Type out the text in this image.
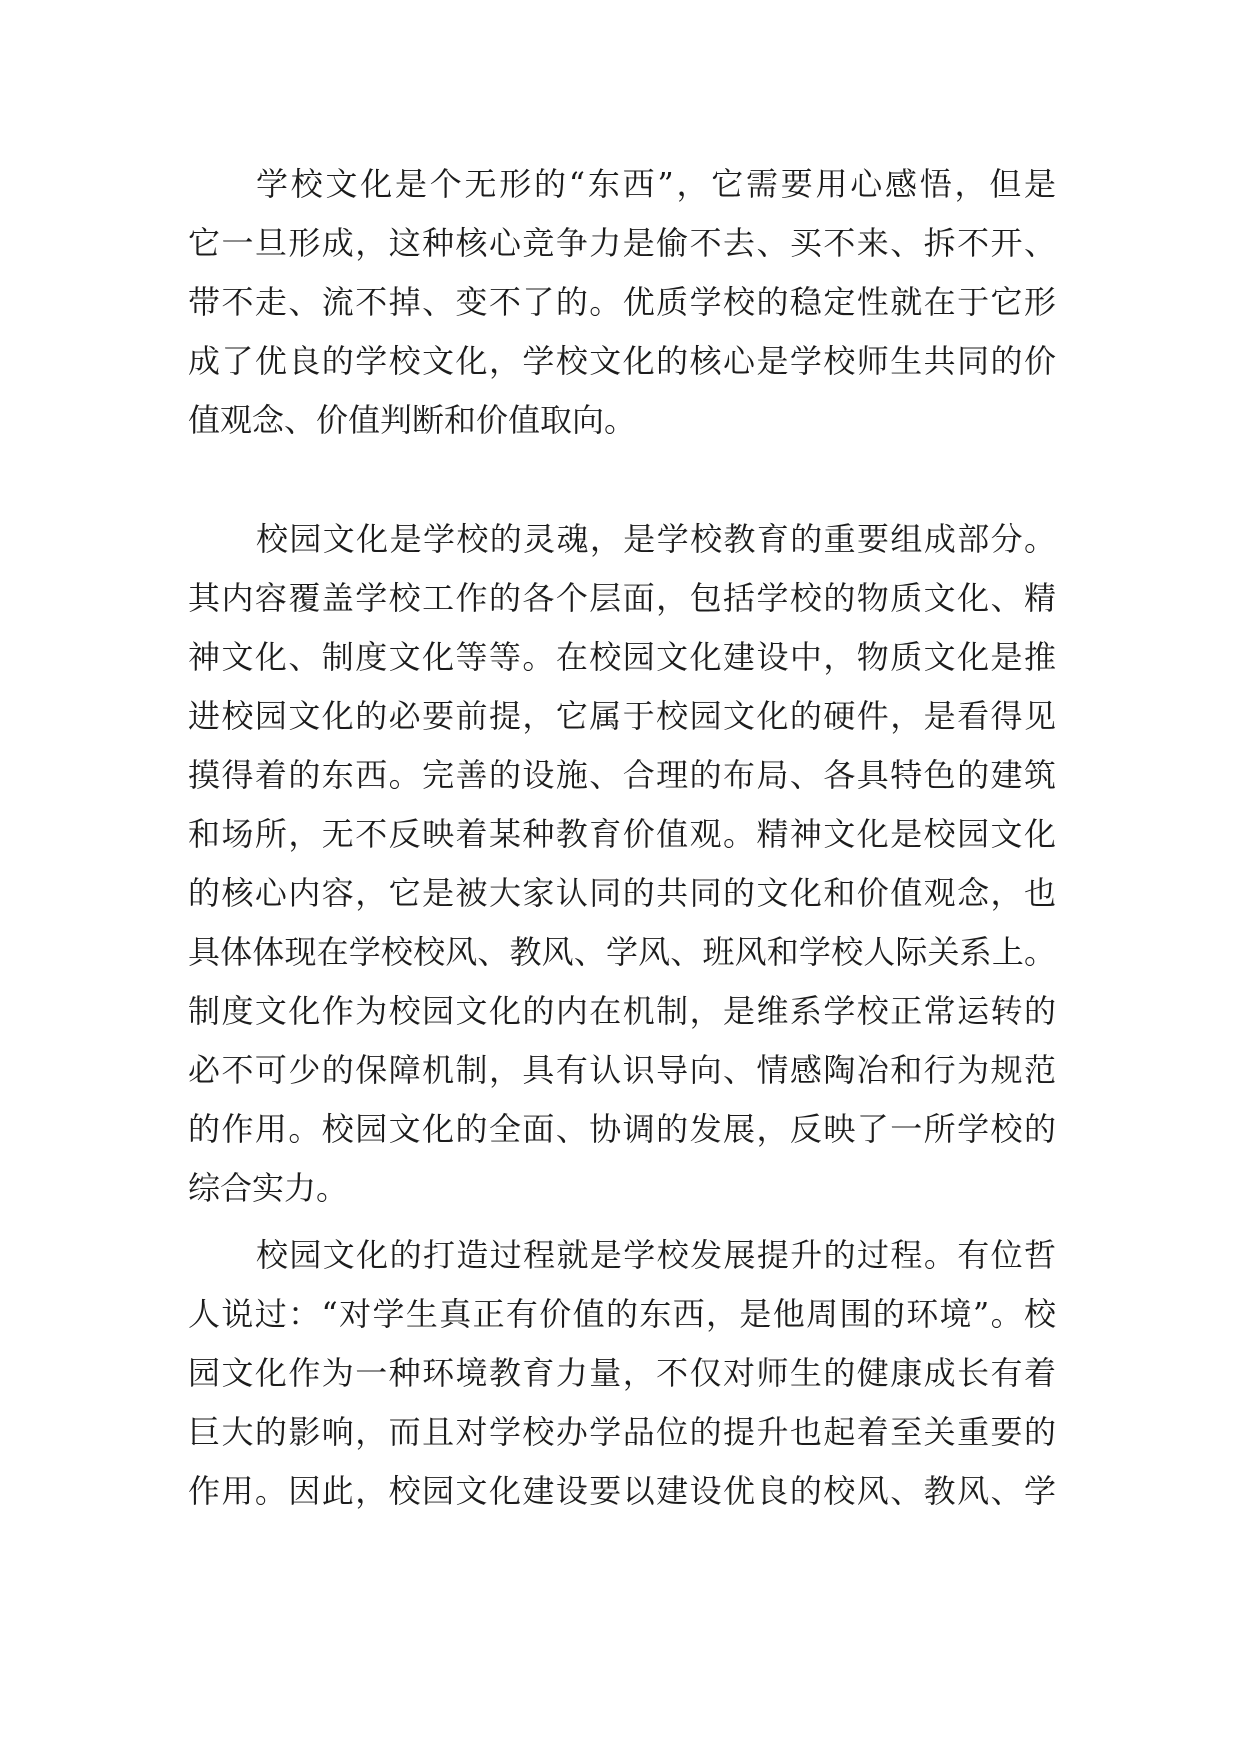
学校文化是个无形的“东西”，它需要用心感悟，但是
它一旦形成，这种核心竞争力是偷不去、买不来、拆不开、
带不走、流不掉、变不了的。优质学校的稳定性就在于它形
成了优良的学校文化，学校文化的核心是学校师生共同的价
值观念、价值判断和价值取向。
校园文化是学校的灵魂，是学校教育的重要组成部分。
其内容覆盖学校工作的各个层面，包括学校的物质文化、精
神文化、制度文化等等。在校园文化建设中，物质文化是推
进校园文化的必要前提，它属于校园文化的硬件，是看得见
摸得着的东西。完善的设施、合理的布局、各具特色的建筑
和场所，无不反映着某种教育价值观。精神文化是校园文化
的核心内容，它是被大家认同的共同的文化和价值观念，也
具体体现在学校校风、教风、学风、班风和学校人际关系上。
制度文化作为校园文化的内在机制，是维系学校正常运转的
必不可少的保障机制，具有认识导向、情感陶冶和行为规范
的作用。校园文化的全面、协调的发展，反映了一所学校的
综合实力。
校园文化的打造过程就是学校发展提升的过程。有位哲
人说过：“对学生真正有价值的东西，是他周围的环境”。校
园文化作为一种环境教育力量，不仅对师生的健康成长有着
巨大的影响，而且对学校办学品位的提升也起着至关重要的
作用。因此，校园文化建设要以建设优良的校风、教风、学
